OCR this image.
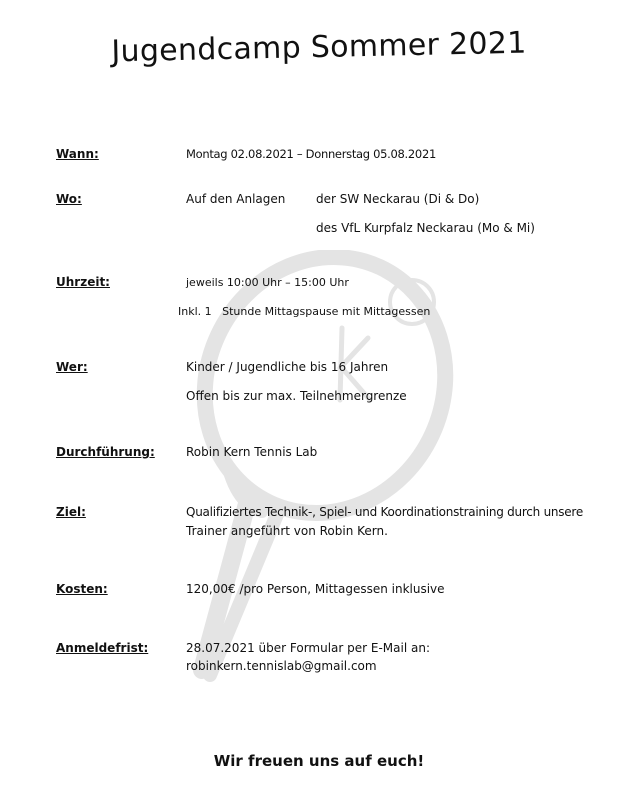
Jugendcamp Sommer 2021
Wann:	Montag 02.08.2021 – Donnerstag 05.08.2021
Wo:	Auf den Anlagen	der SW Neckarau (Di & Do)
des VfL Kurpfalz Neckarau (Mo & Mi)
Uhrzeit:	jeweils 10:00 Uhr – 15:00 Uhr
Inkl. 1   Stunde Mittagspause mit Mittagessen
Wer:	Kinder / Jugendliche bis 16 Jahren
Offen bis zur max. Teilnehmergrenze
Durchführung:	Robin Kern Tennis Lab
Ziel:	Qualifiziertes Technik-, Spiel- und Koordinationstraining durch unsere
Trainer angeführt von Robin Kern.
Kosten:	120,00€ /pro Person, Mittagessen inklusive
Anmeldefrist:	28.07.2021 über Formular per E-Mail an:
robinkern.tennislab@gmail.com
Wir freuen uns auf euch!
